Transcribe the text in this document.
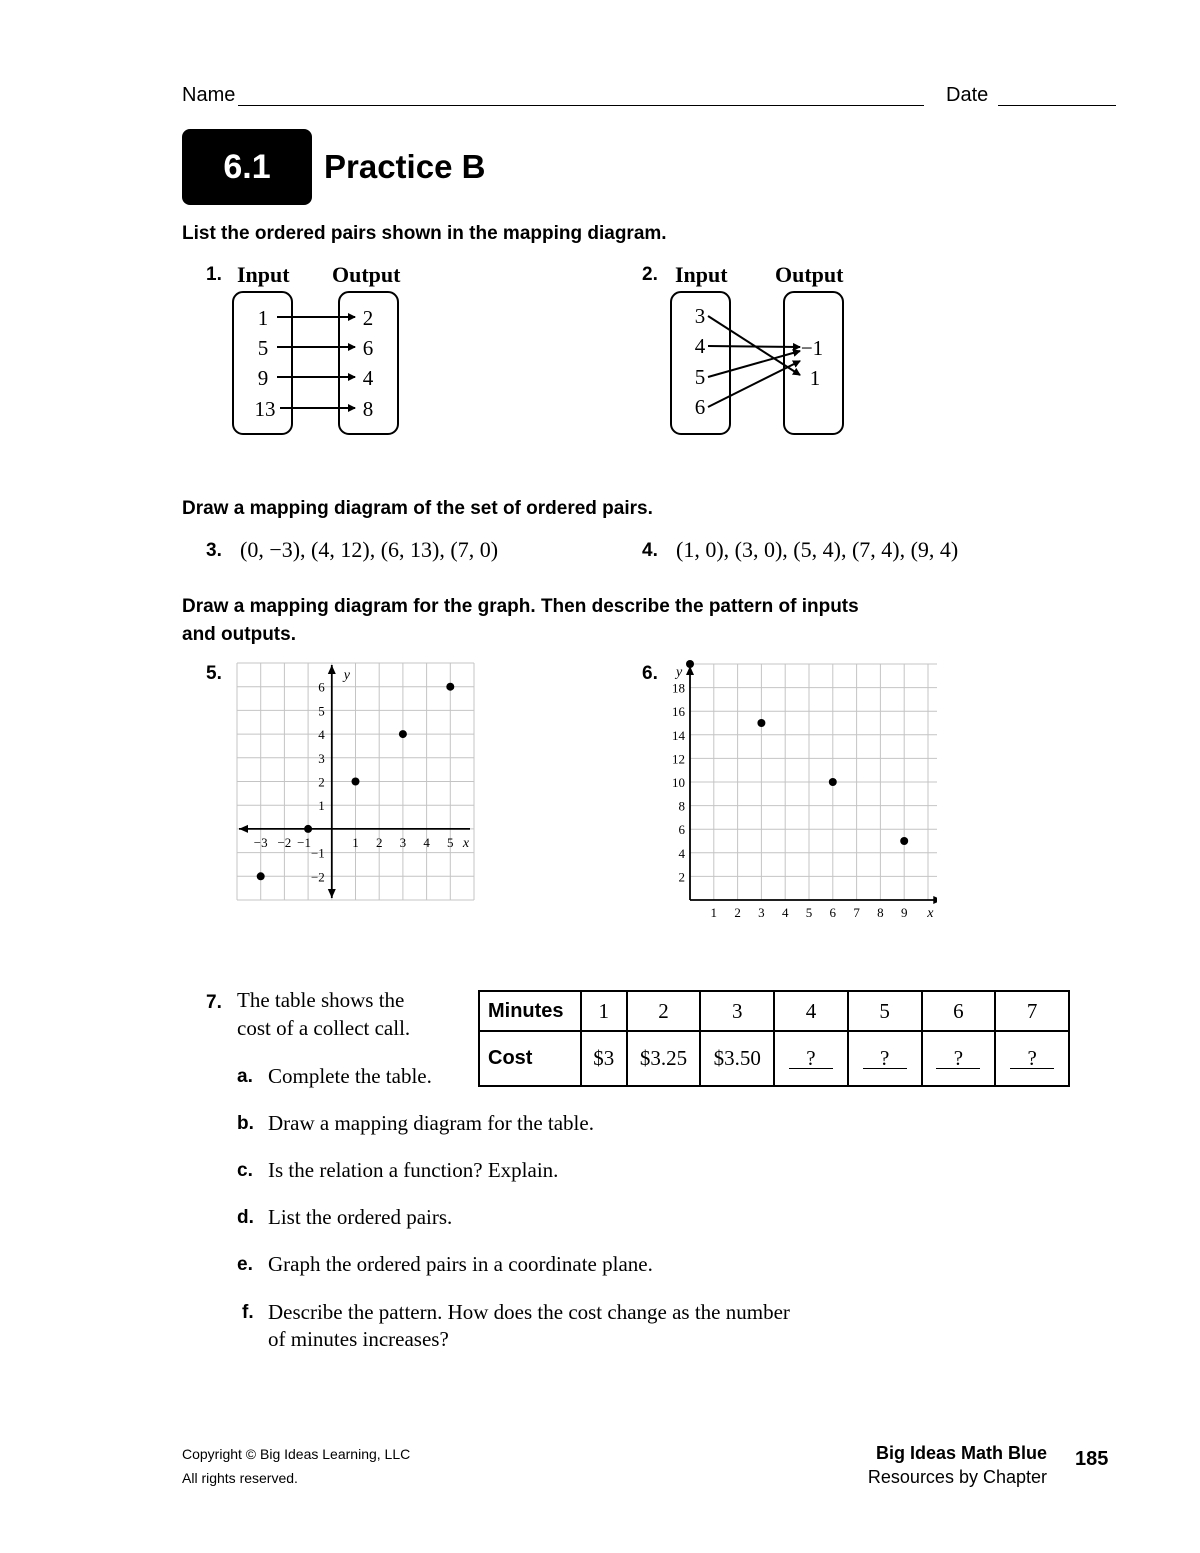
Name	Date
6.1 Practice B
List the ordered pairs shown in the mapping diagram.
1. Input Output
1
5
9
13
2
6
4
8
2. Input Output
3
4
5
6
−1
1
Draw a mapping diagram of the set of ordered pairs.
3. (0, −3), (4, 12), (6, 13), (7, 0)	4. (1, 0), (3, 0), (5, 4), (7, 4), (9, 4)
Draw a mapping diagram for the graph. Then describe the pattern of inputs
and outputs.
5.
−3 −2 −1	1 2 3 4 5
6
5
4
3
2
1
−1
−2
x
y	6.
1 2 3 4 5 6 7 8 9
18
16
14
12
10
8
6
4
2
x
y
7. The table shows the
cost of a collect call.
Minutes	1	2	3	4	5	6	7
Cost	$3	$3.25	$3.50	?	?	?	?
a. Complete the table.
b. Draw a mapping diagram for the table.
c. Is the relation a function? Explain.
d. List the ordered pairs.
e. Graph the ordered pairs in a coordinate plane.
f. Describe the pattern. How does the cost change as the number
of minutes increases?
Copyright © Big Ideas Learning, LLC
All rights reserved.
Big Ideas Math Blue
Resources by Chapter
185
